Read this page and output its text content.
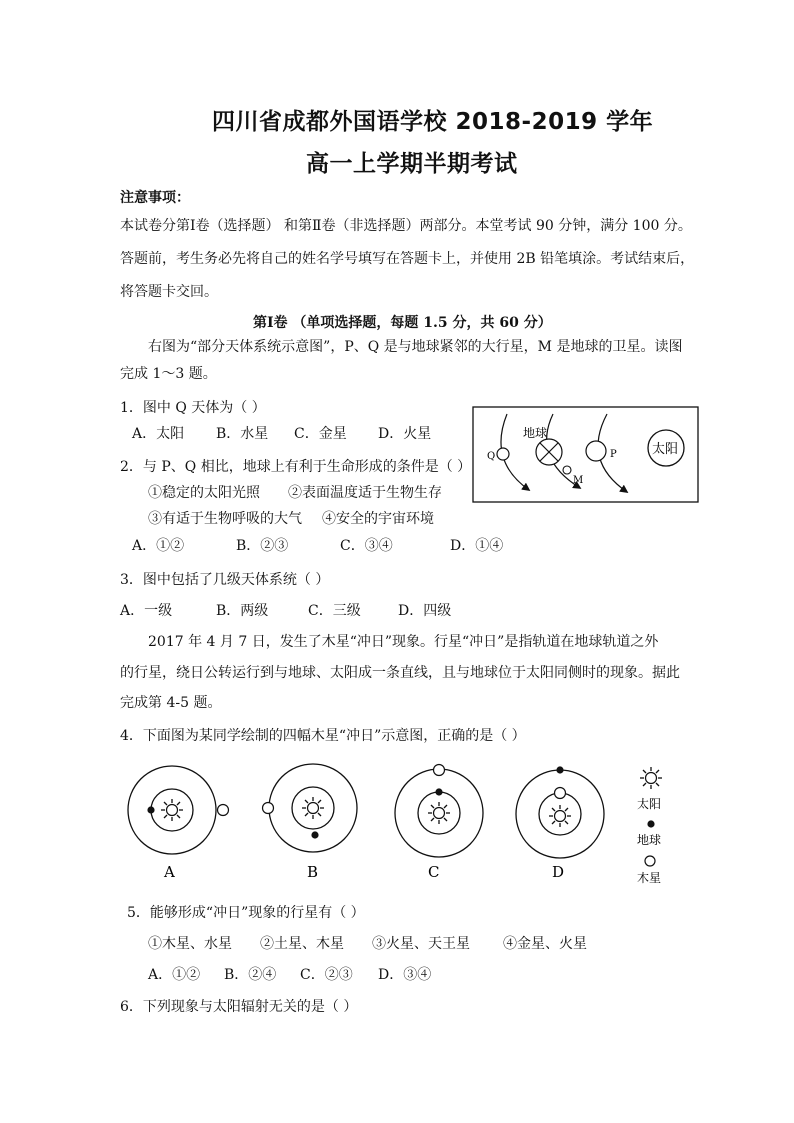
四川省成都外国语学校 2018-2019 学年
高一上学期半期考试
注意事项：
本试卷分第Ⅰ卷（选择题） 和第Ⅱ卷（非选择题）两部分。本堂考试 90 分钟，满分 100 分。
答题前，考生务必先将自己的姓名学号填写在答题卡上，并使用 2B 铅笔填涂。考试结束后，
将答题卡交回。
第Ⅰ卷 （单项选择题，每题 1.5 分，共 60 分）
右图为“部分天体系统示意图”，P、Q 是与地球紧邻的大行星，M 是地球的卫星。读图
完成 1～3 题。
1．图中 Q 天体为（ ）
A．太阳 B．水星 C．金星 D．火星
2．与 P、Q 相比，地球上有利于生命形成的条件是（ ）
①稳定的太阳光照 ②表面温度适于生物生存
③有适于生物呼吸的大气 ④安全的宇宙环境
A．①②	B．②③	C．③④	D．①④
Q
地球
P	太阳
M
3．图中包括了几级天体系统（ ）
A．一级	B．两级	C．三级	D．四级
2017 年 4 月 7 日，发生了木星“冲日”现象。行星“冲日”是指轨道在地球轨道之外
的行星，绕日公转运行到与地球、太阳成一条直线，且与地球位于太阳同侧时的现象。据此
完成第 4-5 题。
4．下面图为某同学绘制的四幅木星“冲日”示意图，正确的是（ ）
A	B	C	D
太阳
地球
木星
5．能够形成“冲日”现象的行星有（ ）
①木星、水星 ②土星、木星 ③火星、天王星 ④金星、火星
A．①② B．②④ C．②③ D．③④
6．下列现象与太阳辐射无关的是（ ）
